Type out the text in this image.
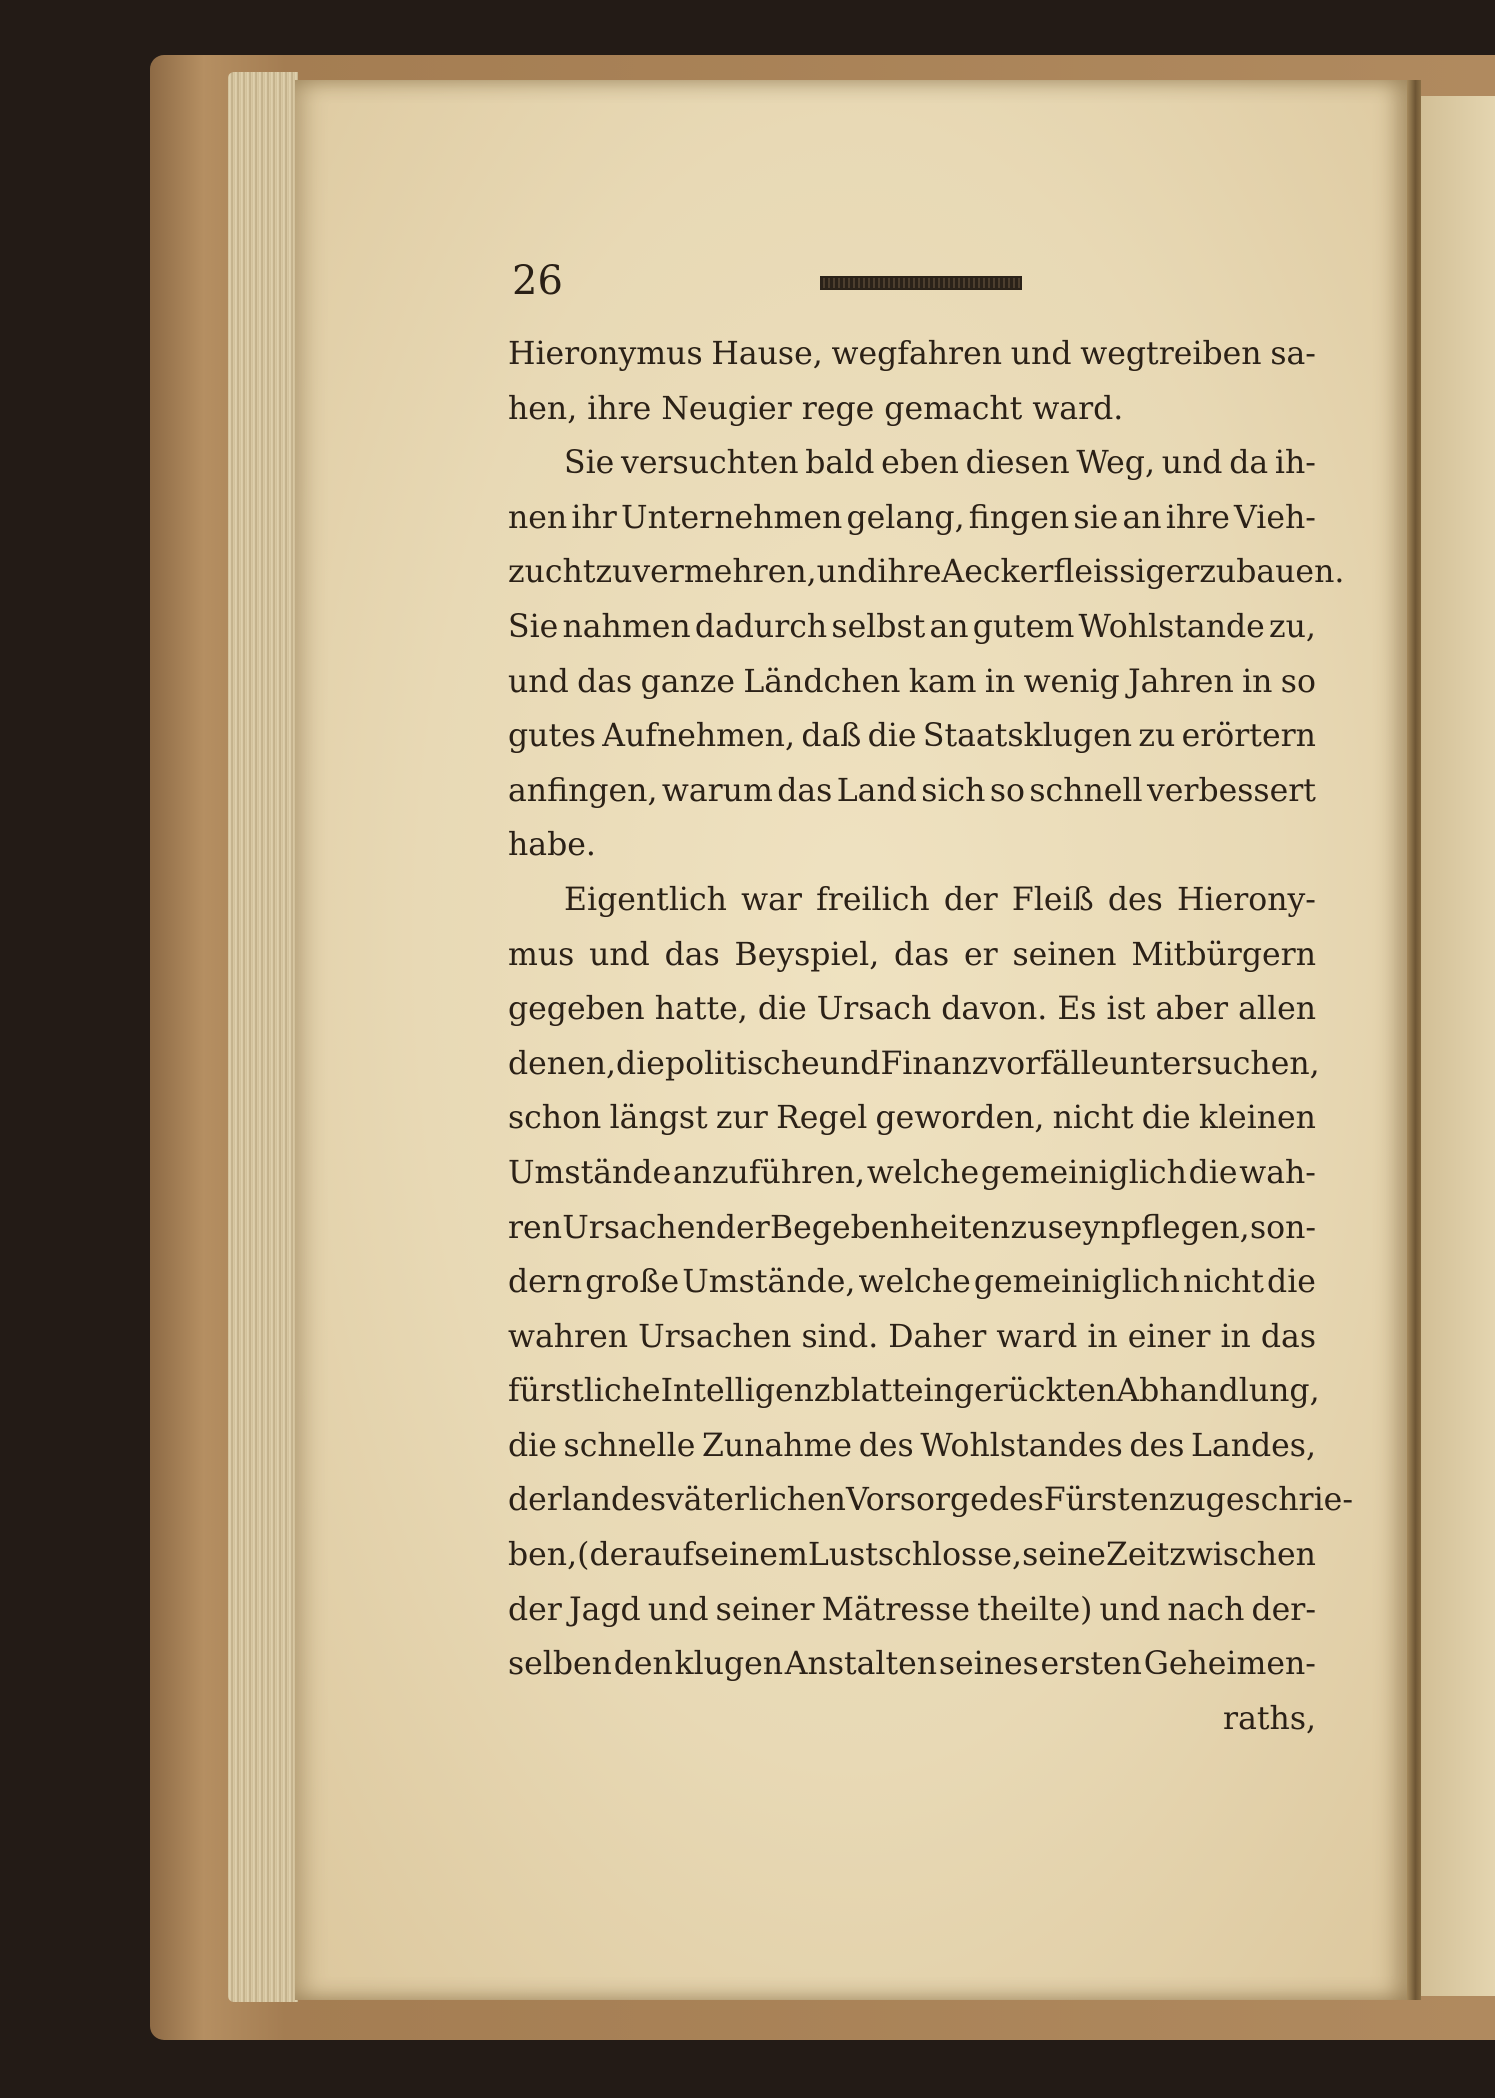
26
Hieronymus Hause, wegfahren und wegtreiben sa-
hen, ihre Neugier rege gemacht ward.
Sie versuchten bald eben diesen Weg, und da ih-
nen ihr Unternehmen gelang, fingen sie an ihre Vieh-
zucht zu vermehren, und ihre Aecker fleissiger zu bauen.
Sie nahmen dadurch selbst an gutem Wohlstande zu,
und das ganze Ländchen kam in wenig Jahren in so
gutes Aufnehmen, daß die Staatsklugen zu erörtern
anfingen, warum das Land sich so schnell verbessert
habe.
Eigentlich war freilich der Fleiß des Hierony-
mus und das Beyspiel, das er seinen Mitbürgern
gegeben hatte, die Ursach davon. Es ist aber allen
denen, die politische und Finanzvorfälle untersuchen,
schon längst zur Regel geworden, nicht die kleinen
Umstände anzuführen, welche gemeiniglich die wah-
ren Ursachen der Begebenheiten zu seyn pflegen, son-
dern große Umstände, welche gemeiniglich nicht die
wahren Ursachen sind. Daher ward in einer in das
fürstliche Intelligenzblatt eingerückten Abhandlung,
die schnelle Zunahme des Wohlstandes des Landes,
der landesväterlichen Vorsorge des Fürsten zugeschrie-
ben, (der auf seinem Lustschlosse, seine Zeit zwischen
der Jagd und seiner Mätresse theilte) und nach der-
selben den klugen Anstalten seines ersten Geheimen-
raths,
